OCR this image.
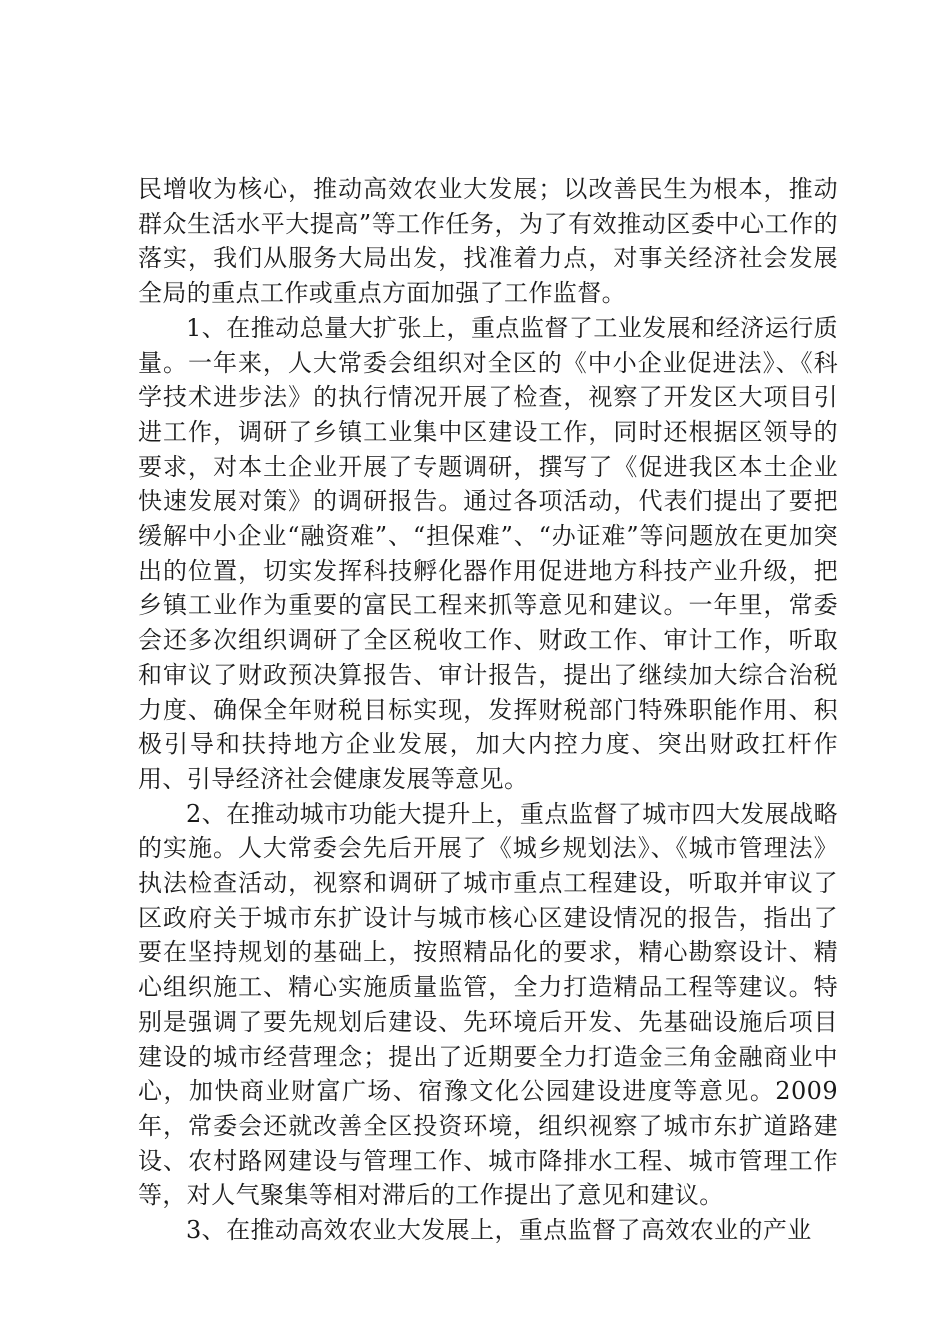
民增收为核心，推动高效农业大发展；以改善民生为根本，推动群众生活水平大提高”等工作任务，为了有效推动区委中心工作的落实，我们从服务大局出发，找准着力点，对事关经济社会发展全局的重点工作或重点方面加强了工作监督。

1、在推动总量大扩张上，重点监督了工业发展和经济运行质量。一年来，人大常委会组织对全区的《中小企业促进法》、《科学技术进步法》的执行情况开展了检查，视察了开发区大项目引进工作，调研了乡镇工业集中区建设工作，同时还根据区领导的要求，对本土企业开展了专题调研，撰写了《促进我区本土企业快速发展对策》的调研报告。通过各项活动，代表们提出了要把缓解中小企业“融资难”、“担保难”、“办证难”等问题放在更加突出的位置，切实发挥科技孵化器作用促进地方科技产业升级，把乡镇工业作为重要的富民工程来抓等意见和建议。一年里，常委会还多次组织调研了全区税收工作、财政工作、审计工作，听取和审议了财政预决算报告、审计报告，提出了继续加大综合治税力度、确保全年财税目标实现，发挥财税部门特殊职能作用、积极引导和扶持地方企业发展，加大内控力度、突出财政扛杆作用、引导经济社会健康发展等意见。

2、在推动城市功能大提升上，重点监督了城市四大发展战略的实施。人大常委会先后开展了《城乡规划法》、《城市管理法》执法检查活动，视察和调研了城市重点工程建设，听取并审议了区政府关于城市东扩设计与城市核心区建设情况的报告，指出了要在坚持规划的基础上，按照精品化的要求，精心勘察设计、精心组织施工、精心实施质量监管，全力打造精品工程等建议。特别是强调了要先规划后建设、先环境后开发、先基础设施后项目建设的城市经营理念；提出了近期要全力打造金三角金融商业中心，加快商业财富广场、宿豫文化公园建设进度等意见。2009年，常委会还就改善全区投资环境，组织视察了城市东扩道路建设、农村路网建设与管理工作、城市降排水工程、城市管理工作等，对人气聚集等相对滞后的工作提出了意见和建议。

3、在推动高效农业大发展上，重点监督了高效农业的产业
